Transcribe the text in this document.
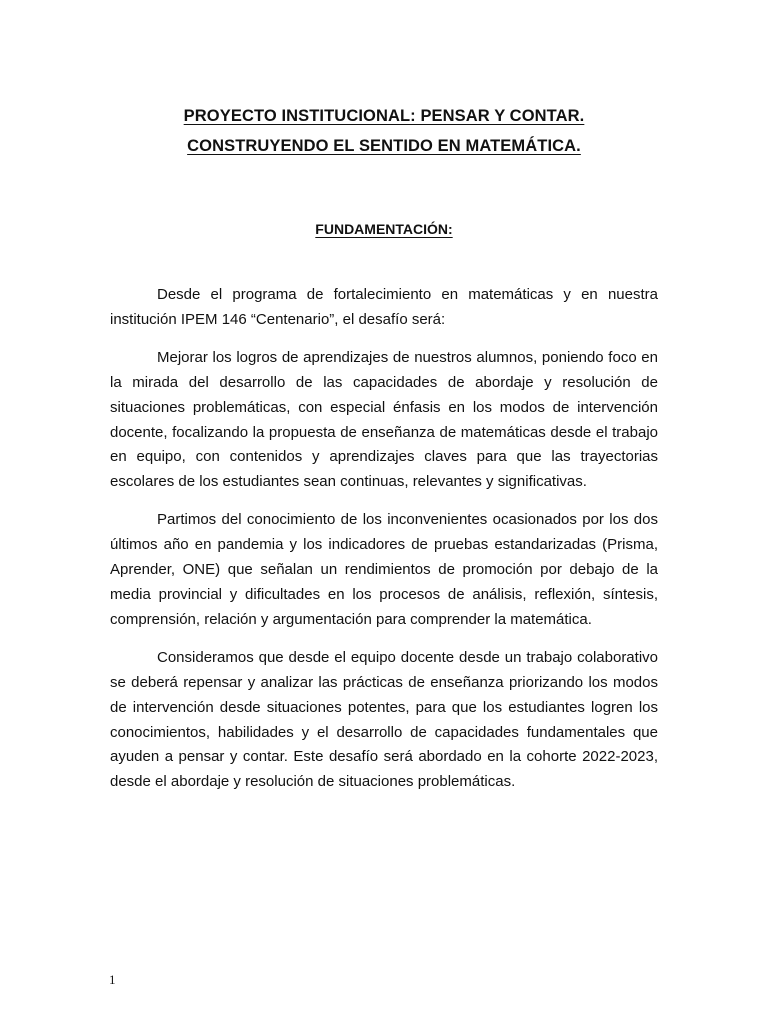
PROYECTO INSTITUCIONAL: PENSAR Y CONTAR.
CONSTRUYENDO EL SENTIDO EN MATEMÁTICA.
FUNDAMENTACIÓN:

Desde el programa de fortalecimiento en matemáticas y en nuestra institución IPEM 146 “Centenario”, el desafío será:

Mejorar los logros de aprendizajes de nuestros alumnos, poniendo foco en la mirada del desarrollo de las capacidades de abordaje y resolución de situaciones problemáticas, con especial énfasis en los modos de intervención docente, focalizando la propuesta de enseñanza de matemáticas desde el trabajo en equipo, con contenidos y aprendizajes claves para que las trayectorias escolares de los estudiantes sean continuas, relevantes y significativas.

Partimos del conocimiento de los inconvenientes ocasionados por los dos últimos año en pandemia y los indicadores de pruebas estandarizadas (Prisma, Aprender, ONE) que señalan un rendimientos de promoción por debajo de la media provincial y dificultades en los procesos de análisis, reflexión, síntesis, comprensión, relación y argumentación para comprender la matemática.

Consideramos que desde el equipo docente desde un trabajo colaborativo se deberá repensar y analizar las prácticas de enseñanza priorizando los modos de intervención desde situaciones potentes, para que los estudiantes logren los conocimientos, habilidades y el desarrollo de capacidades fundamentales que ayuden a pensar y contar. Este desafío será abordado en la cohorte 2022-2023, desde el abordaje y resolución de situaciones problemáticas.

1
